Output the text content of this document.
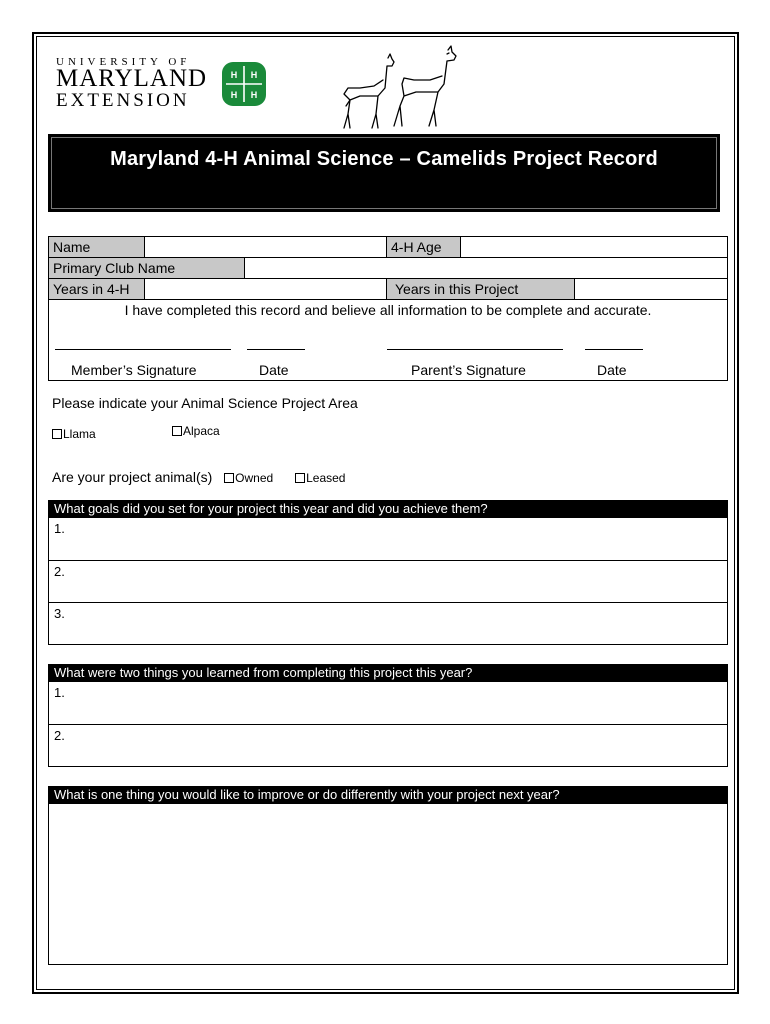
UNIVERSITY OF
MARYLAND
EXTENSION
H H
H H
Maryland 4-H Animal Science – Camelids Project Record
Name	4-H Age
Primary Club Name
Years in 4-H	Years in this Project
I have completed this record and believe all information to be complete and accurate.
Member’s Signature	Date	Parent’s Signature	Date
Please indicate your Animal Science Project Area
Llama	Alpaca
Are your project animal(s) Owned	Leased
What goals did you set for your project this year and did you achieve them?
1.
2.
3.
What were two things you learned from completing this project this year?
1.
2.
What is one thing you would like to improve or do differently with your project next year?
